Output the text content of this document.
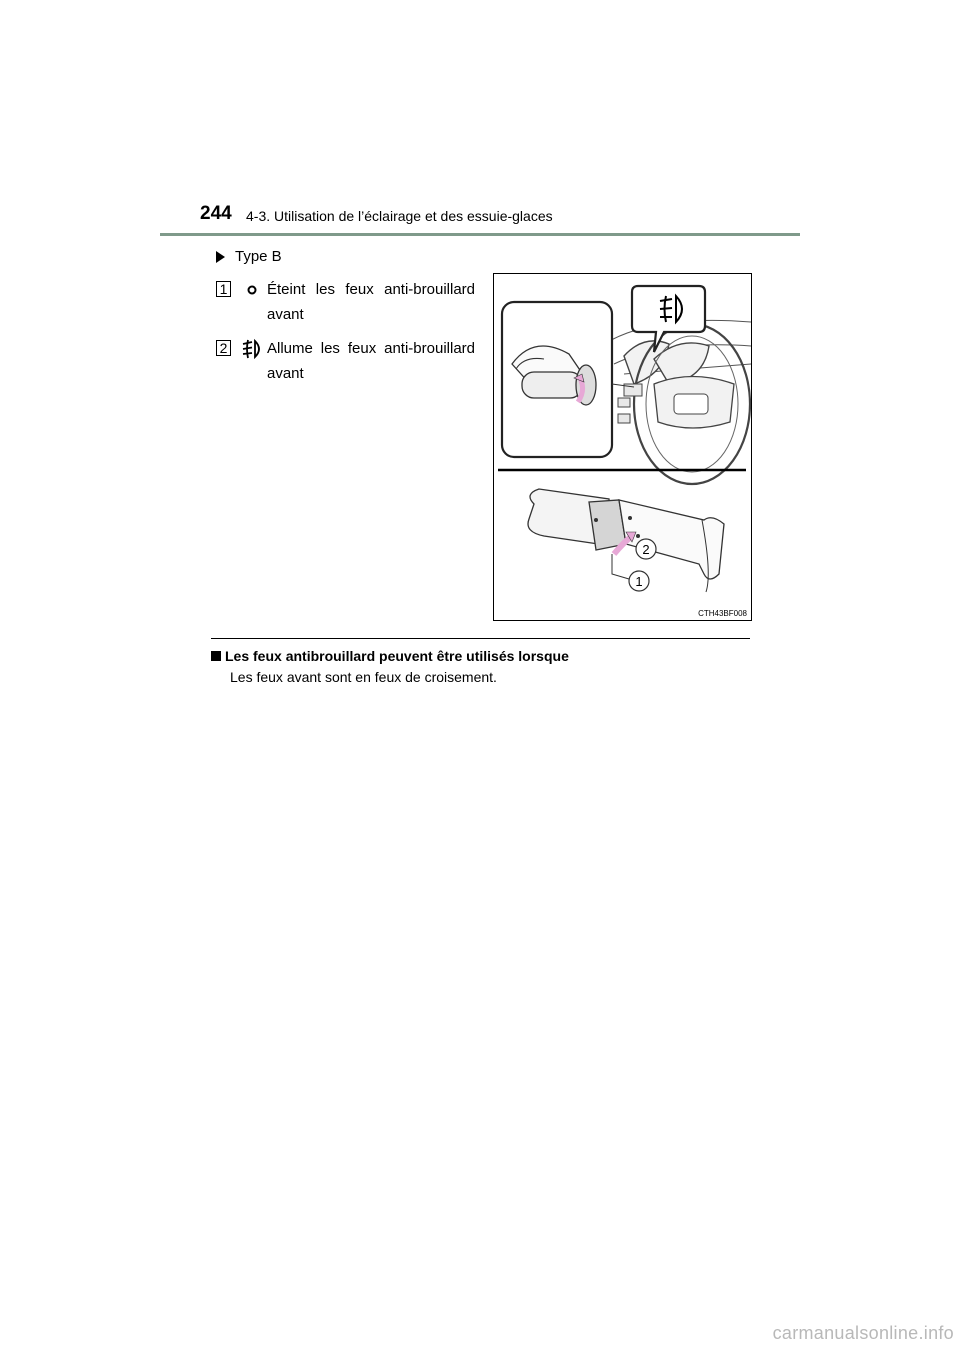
244 4-3. Utilisation de l’éclairage et des essuie-glaces
Type B
1	Éteint les feux anti-brouillard avant
2	Allume les feux anti-brouillard avant
2
1
CTH43BF008
Les feux antibrouillard peuvent être utilisés lorsque
Les feux avant sont en feux de croisement.
carmanualsonline.info
